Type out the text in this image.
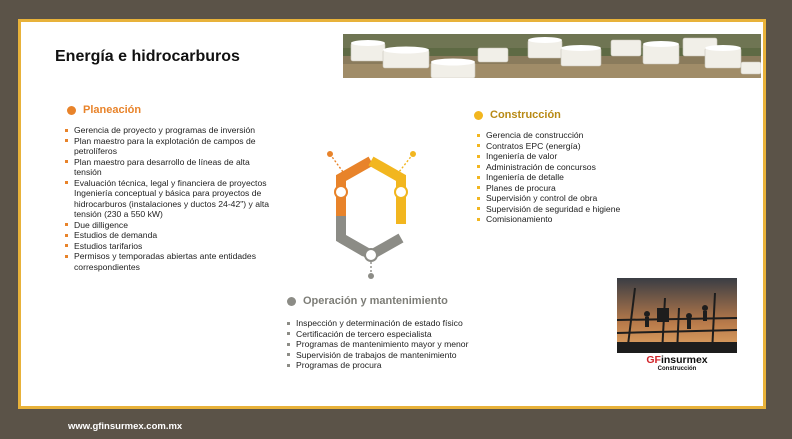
Energía e hidrocarburos
Planeación
Gerencia de proyecto y programas de inversión
Plan maestro para la explotación de campos de petrolíferos
Plan maestro para desarrollo de líneas de alta tensión
Evaluación técnica, legal y financiera de proyectos Ingeniería conceptual y básica para proyectos de hidrocarburos (instalaciones y ductos 24-42") y alta tensión (230 a 550 kW)
Due dilligence
Estudios de demanda
Estudios tarifarios
Permisos y temporadas abiertas ante entidades correspondientes
Construcción
Gerencia de construcción
Contratos EPC (energía)
Ingeniería de valor
Administración de concursos
Ingeniería de detalle
Planes de procura
Supervisión y control de obra
Supervisión de seguridad e higiene
Comisionamiento
Operación y mantenimiento
Inspección y determinación de estado físico
Certificación de tercero especialista
Programas de mantenimiento mayor y menor
Supervisión de trabajos de mantenimiento
Programas de procura	GFinsurmex
Construcción
www.gfinsurmex.com.mx
